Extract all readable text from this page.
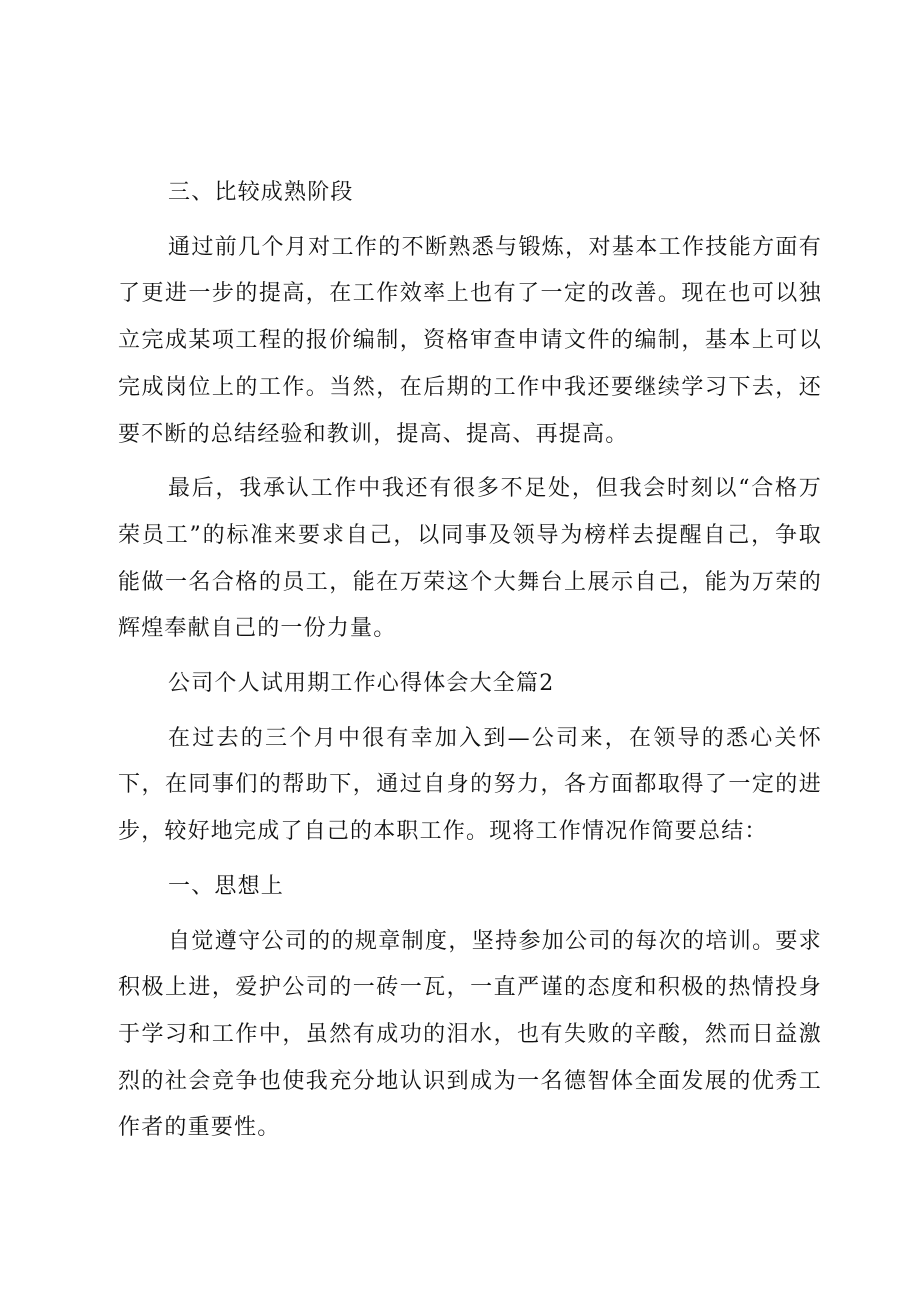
三、比较成熟阶段

通过前几个月对工作的不断熟悉与锻炼，对基本工作技能方面有了更进一步的提高，在工作效率上也有了一定的改善。现在也可以独立完成某项工程的报价编制，资格审查申请文件的编制，基本上可以完成岗位上的工作。当然，在后期的工作中我还要继续学习下去，还要不断的总结经验和教训，提高、提高、再提高。

最后，我承认工作中我还有很多不足处，但我会时刻以“合格万荣员工”的标准来要求自己，以同事及领导为榜样去提醒自己，争取能做一名合格的员工，能在万荣这个大舞台上展示自己，能为万荣的辉煌奉献自己的一份力量。

公司个人试用期工作心得体会大全篇2

在过去的三个月中很有幸加入到—公司来，在领导的悉心关怀下，在同事们的帮助下，通过自身的努力，各方面都取得了一定的进步，较好地完成了自己的本职工作。现将工作情况作简要总结：

一、思想上

自觉遵守公司的的规章制度，坚持参加公司的每次的培训。要求积极上进，爱护公司的一砖一瓦，一直严谨的态度和积极的热情投身于学习和工作中，虽然有成功的泪水，也有失败的辛酸，然而日益激烈的社会竞争也使我充分地认识到成为一名德智体全面发展的优秀工作者的重要性。
